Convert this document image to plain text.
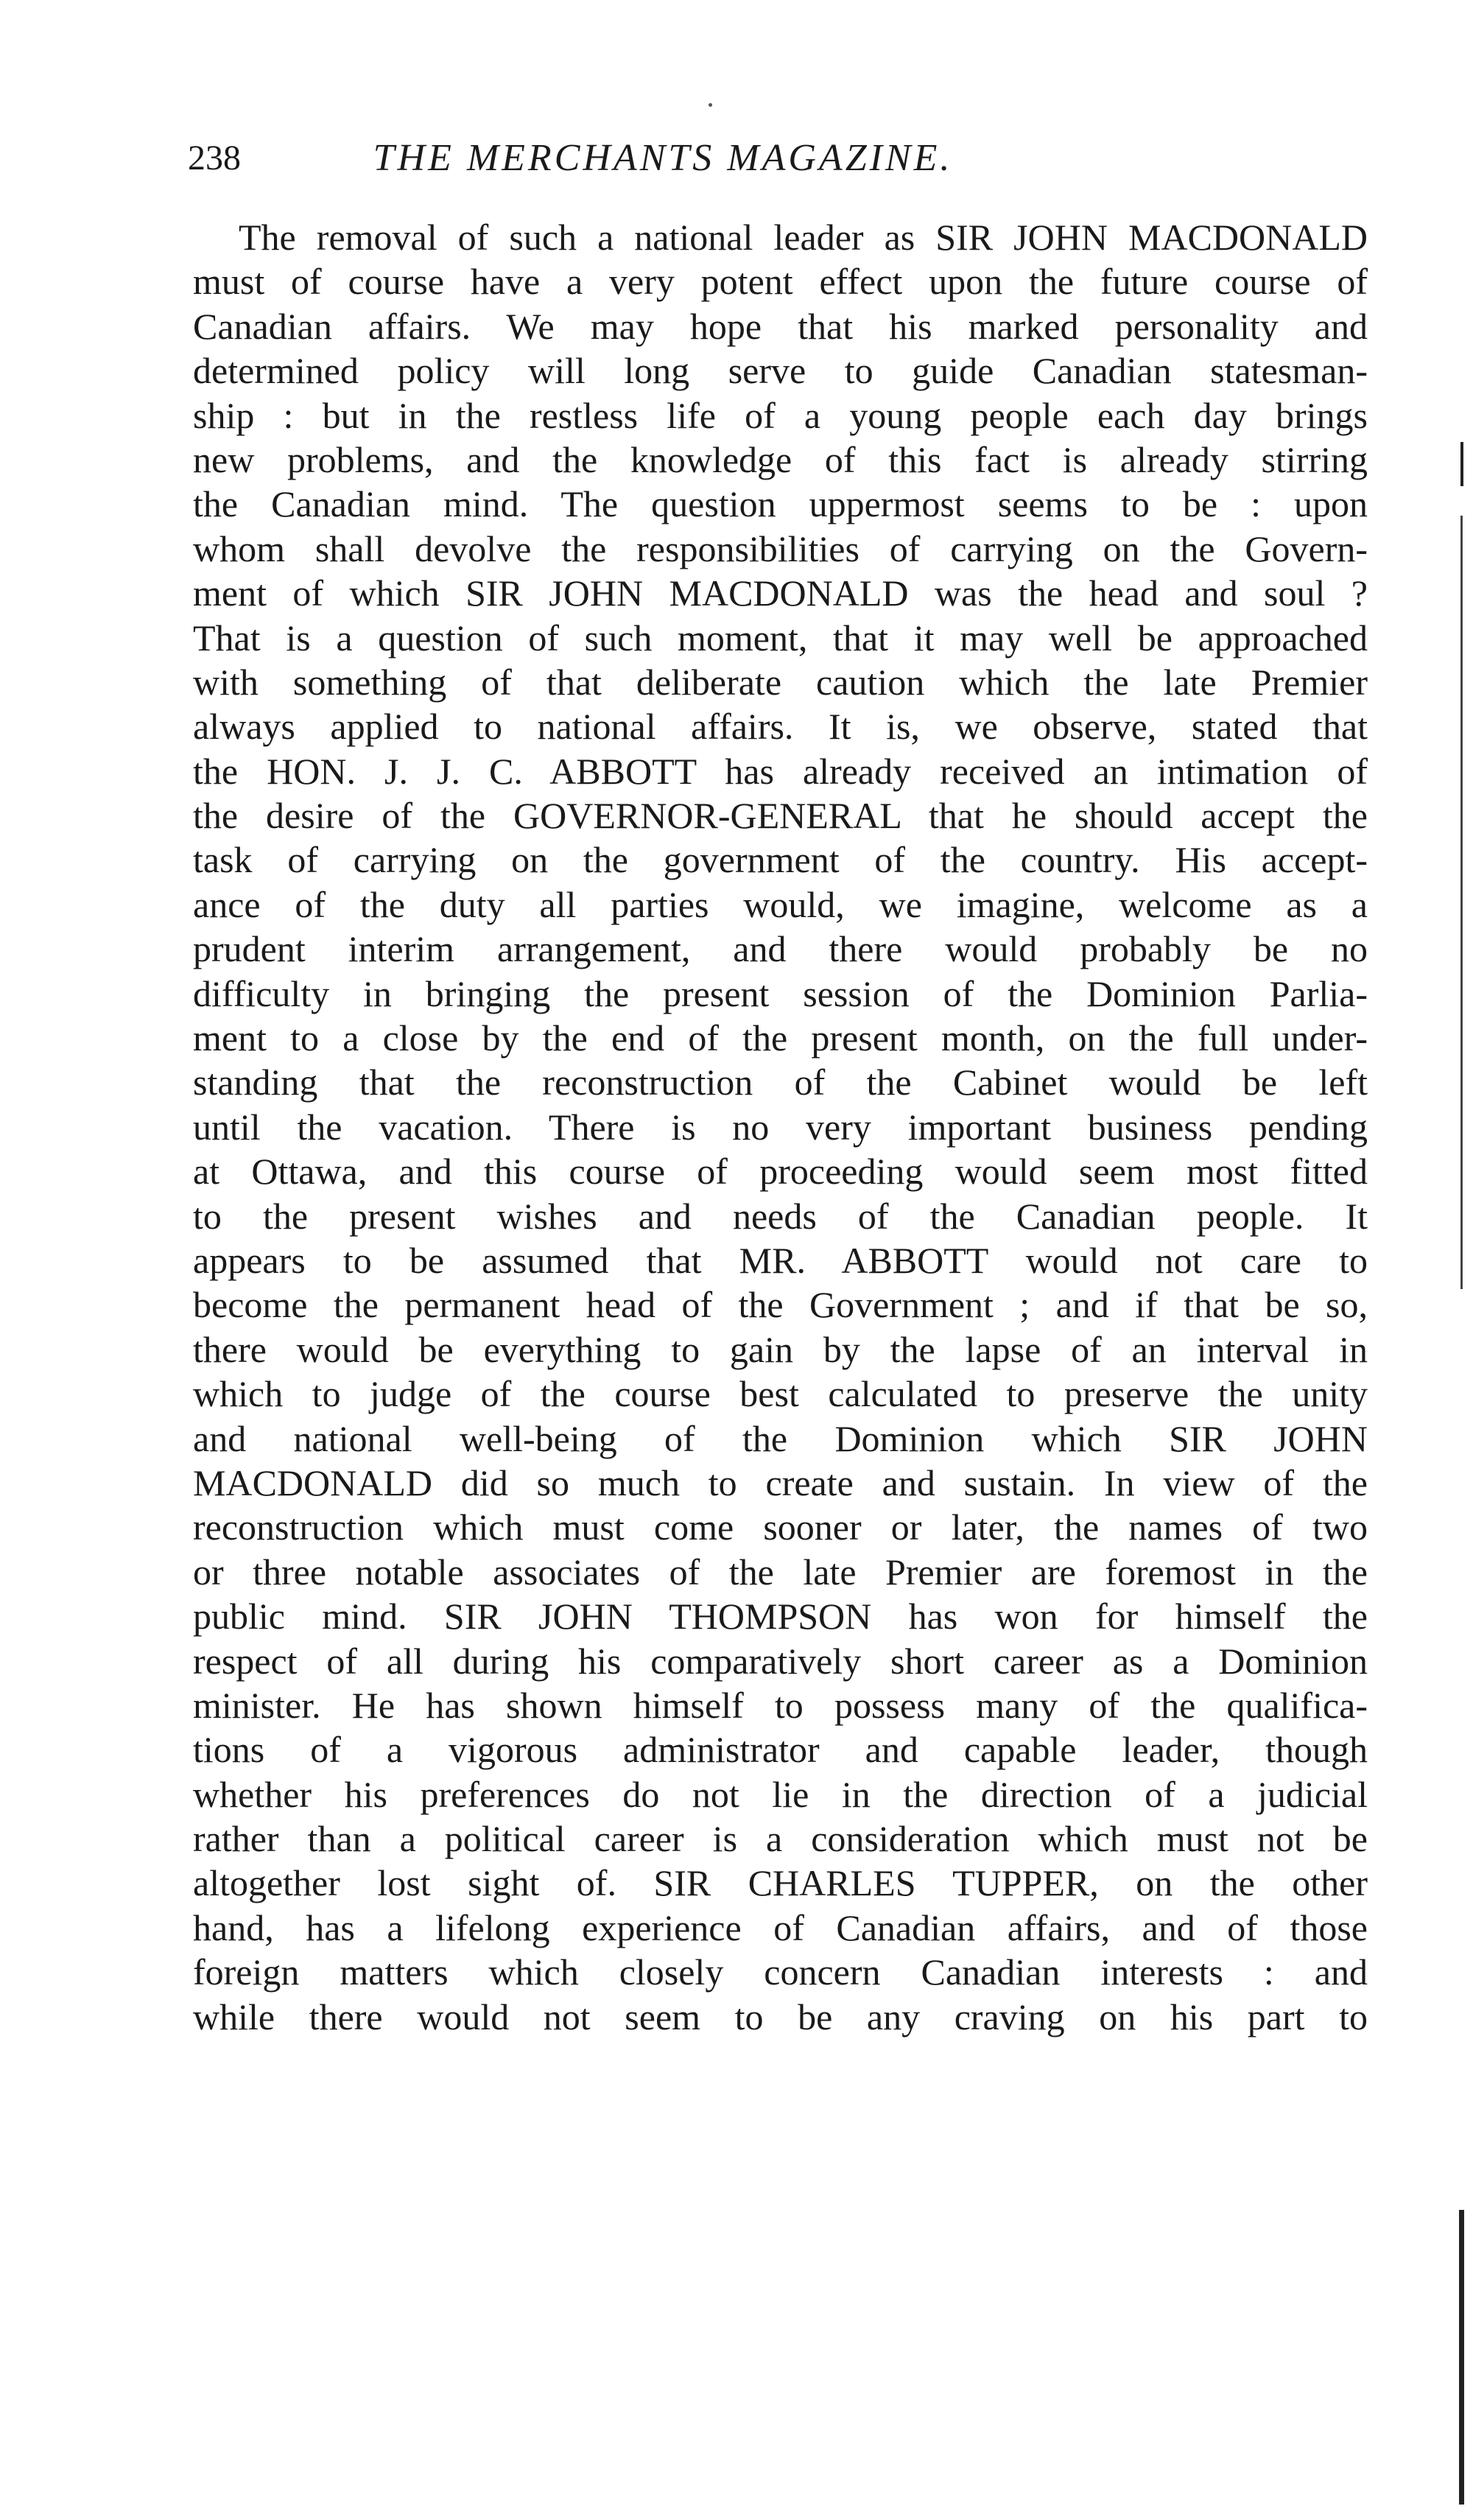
238	THE MERCHANTS MAGAZINE.
The removal of such a national leader as SIR JOHN MACDONALD
must of course have a very potent effect upon the future course of
Canadian affairs. We may hope that his marked personality and
determined policy will long serve to guide Canadian statesman-
ship : but in the restless life of a young people each day brings
new problems, and the knowledge of this fact is already stirring
the Canadian mind. The question uppermost seems to be : upon
whom shall devolve the responsibilities of carrying on the Govern-
ment of which SIR JOHN MACDONALD was the head and soul ?
That is a question of such moment, that it may well be approached
with something of that deliberate caution which the late Premier
always applied to national affairs. It is, we observe, stated that
the HON. J. J. C. ABBOTT has already received an intimation of
the desire of the GOVERNOR-GENERAL that he should accept the
task of carrying on the government of the country. His accept-
ance of the duty all parties would, we imagine, welcome as a
prudent interim arrangement, and there would probably be no
difficulty in bringing the present session of the Dominion Parlia-
ment to a close by the end of the present month, on the full under-
standing that the reconstruction of the Cabinet would be left
until the vacation. There is no very important business pending
at Ottawa, and this course of proceeding would seem most fitted
to the present wishes and needs of the Canadian people. It
appears to be assumed that MR. ABBOTT would not care to
become the permanent head of the Government ; and if that be so,
there would be everything to gain by the lapse of an interval in
which to judge of the course best calculated to preserve the unity
and national well-being of the Dominion which SIR JOHN
MACDONALD did so much to create and sustain. In view of the
reconstruction which must come sooner or later, the names of two
or three notable associates of the late Premier are foremost in the
public mind. SIR JOHN THOMPSON has won for himself the
respect of all during his comparatively short career as a Dominion
minister. He has shown himself to possess many of the qualifica-
tions of a vigorous administrator and capable leader, though
whether his preferences do not lie in the direction of a judicial
rather than a political career is a consideration which must not be
altogether lost sight of. SIR CHARLES TUPPER, on the other
hand, has a lifelong experience of Canadian affairs, and of those
foreign matters which closely concern Canadian interests : and
while there would not seem to be any craving on his part to
